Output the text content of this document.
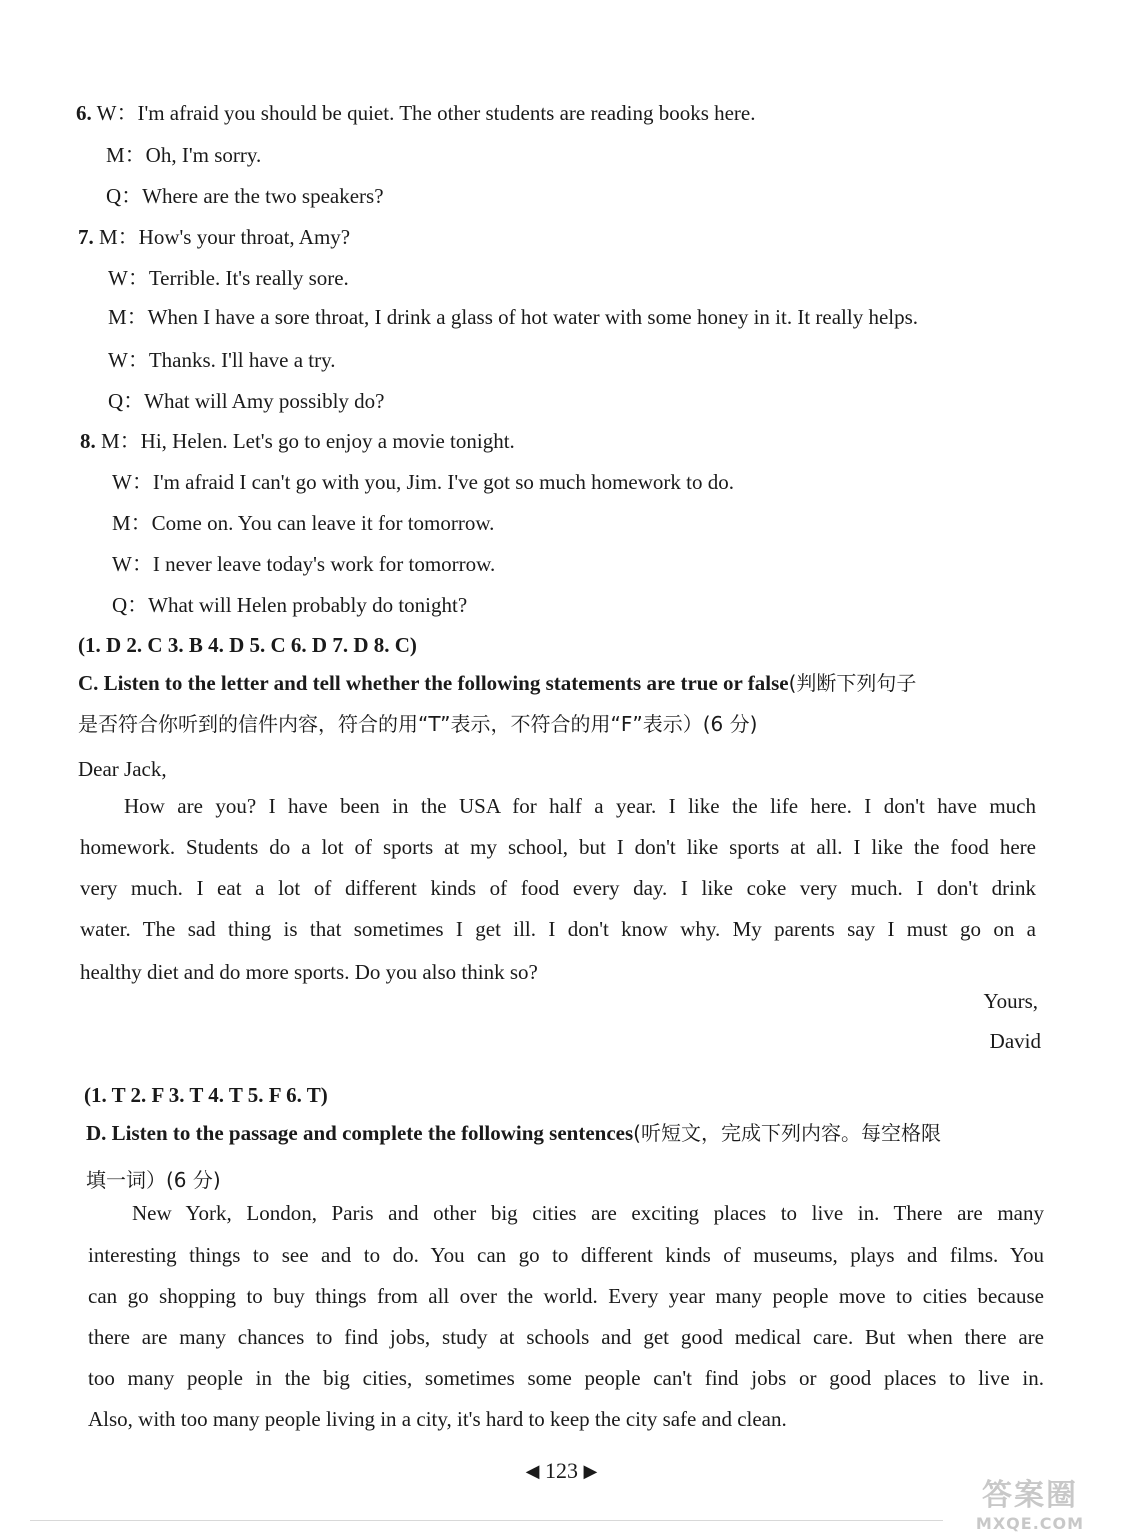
6. W：I'm afraid you should be quiet. The other students are reading books here.
M：Oh, I'm sorry.
Q：Where are the two speakers?
7. M：How's your throat, Amy?
W：Terrible. It's really sore.
M：When I have a sore throat, I drink a glass of hot water with some honey in it. It really helps.
W：Thanks. I'll have a try.
Q：What will Amy possibly do?
8. M：Hi, Helen. Let's go to enjoy a movie tonight.
W：I'm afraid I can't go with you, Jim. I've got so much homework to do.
M：Come on. You can leave it for tomorrow.
W：I never leave today's work for tomorrow.
Q：What will Helen probably do tonight?
(1. D 2. C 3. B 4. D 5. C 6. D 7. D 8. C)
C. Listen to the letter and tell whether the following statements are true or false(判断下列句子
是否符合你听到的信件内容，符合的用“T”表示，不符合的用“F”表示）(6 分)
Dear Jack,
How are you? I have been in the USA for half a year. I like the life here. I don't have much
homework. Students do a lot of sports at my school, but I don't like sports at all. I like the food here
very much. I eat a lot of different kinds of food every day. I like coke very much. I don't drink
water. The sad thing is that sometimes I get ill. I don't know why. My parents say I must go on a
healthy diet and do more sports. Do you also think so?
Yours,
David
(1. T 2. F 3. T 4. T 5. F 6. T)
D. Listen to the passage and complete the following sentences(听短文，完成下列内容。每空格限
填一词）(6 分)
New York, London, Paris and other big cities are exciting places to live in. There are many
interesting things to see and to do. You can go to different kinds of museums, plays and films. You
can go shopping to buy things from all over the world. Every year many people move to cities because
there are many chances to find jobs, study at schools and get good medical care. But when there are
too many people in the big cities, sometimes some people can't find jobs or good places to live in.
Also, with too many people living in a city, it's hard to keep the city safe and clean.
◀ 123 ▶
答案圈
MXQE.COM
